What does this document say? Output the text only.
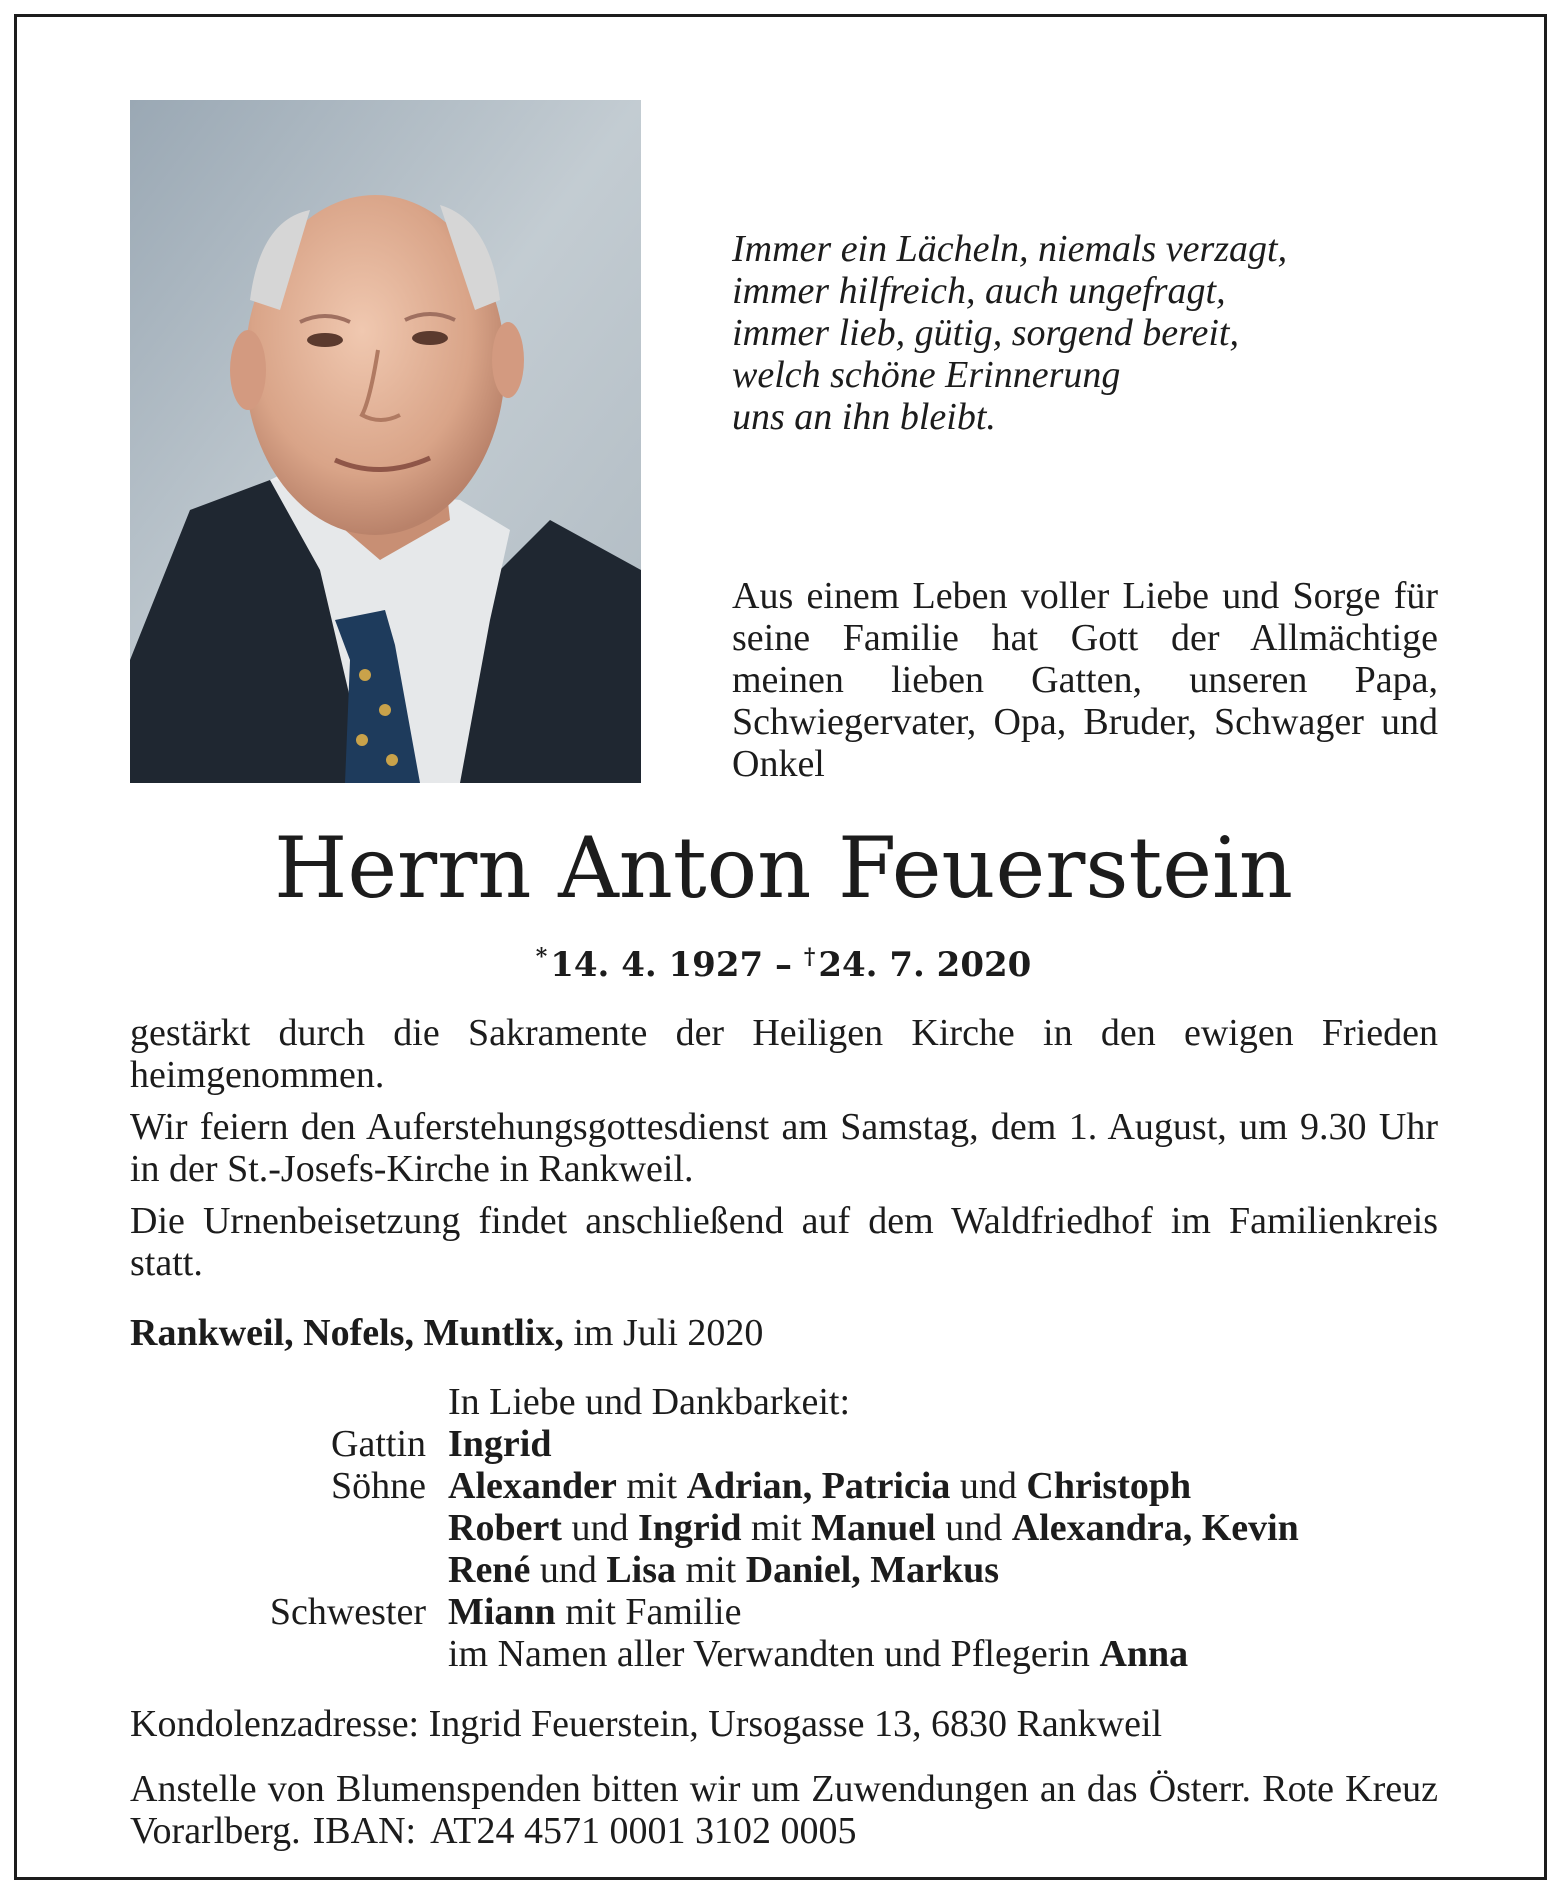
Immer ein Lächeln, niemals verzagt,
immer hilfreich, auch ungefragt,
immer lieb, gütig, sorgend bereit,
welch schöne Erinnerung
uns an ihn bleibt.
Aus einem Leben voller Liebe und Sorge für seine Familie hat Gott der Allmächtige meinen lieben Gatten, unseren Papa, Schwiegervater, Opa, Bruder, Schwager und Onkel
Herrn Anton Feuerstein
*14. 4. 1927 – †24. 7. 2020

gestärkt durch die Sakramente der Heiligen Kirche in den ewigen Frieden heimgenommen.

Wir feiern den Auferstehungsgottesdienst am Samstag, dem 1. August, um 9.30 Uhr in der St.-Josefs-Kirche in Rankweil.

Die Urnenbeisetzung findet anschließend auf dem Waldfriedhof im Familienkreis statt.

Rankweil, Nofels, Muntlix, im Juli 2020
In Liebe und Dankbarkeit:
Gattin Ingrid
Söhne Alexander mit Adrian, Patricia und Christoph
Robert und Ingrid mit Manuel und Alexandra, Kevin
René und Lisa mit Daniel, Markus
Schwester Miann mit Familie
im Namen aller Verwandten und Pflegerin Anna
Kondolenzadresse: Ingrid Feuerstein, Ursogasse 13, 6830 Rankweil
Anstelle von Blumenspenden bitten wir um Zuwendungen an das Österr. Rote Kreuz Vorarlberg. IBAN: AT24 4571 0001 3102 0005
